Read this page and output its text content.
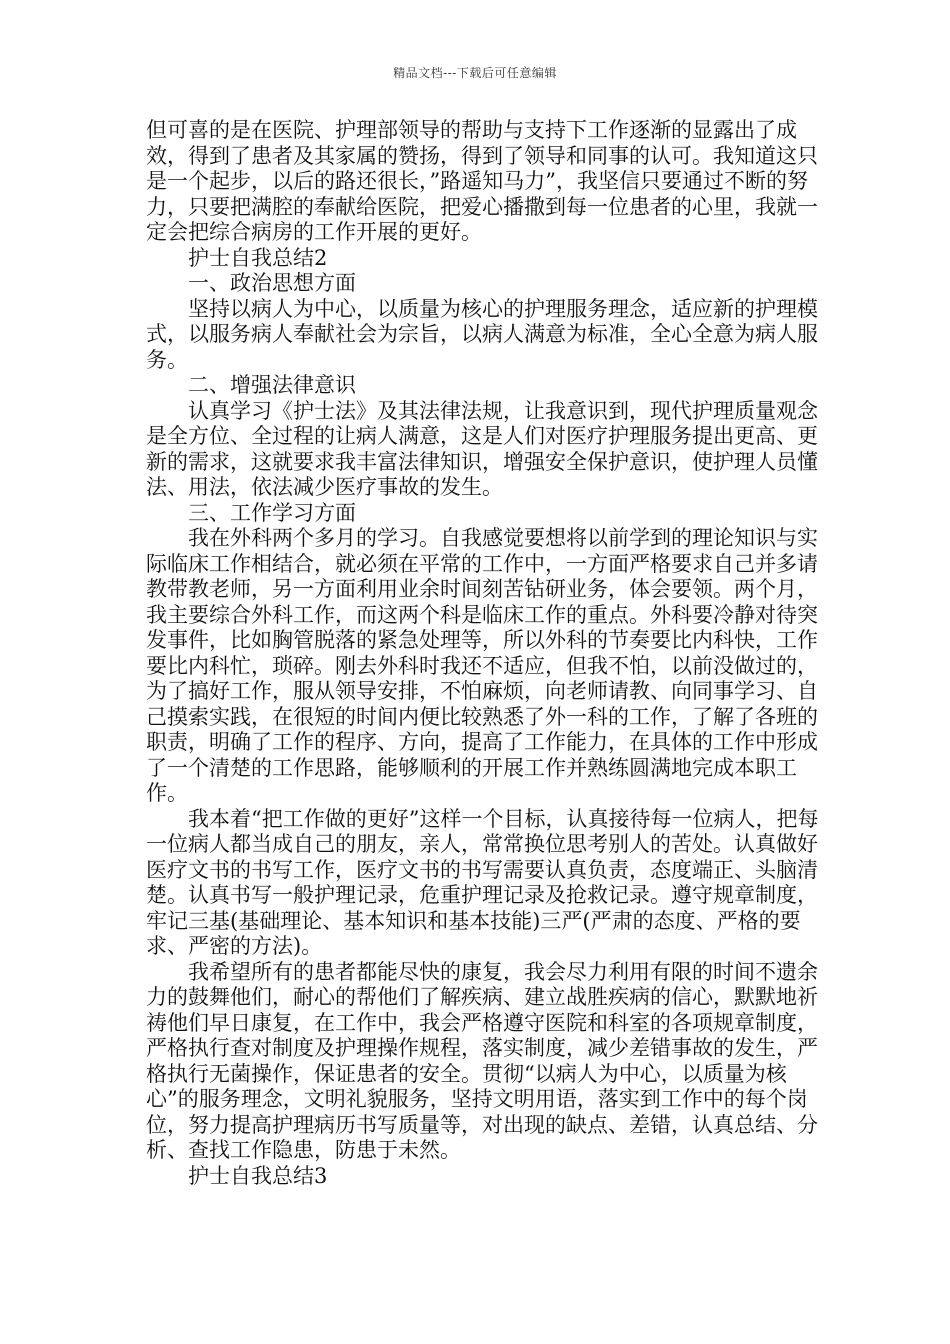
精品文档---下载后可任意编辑

但可喜的是在医院、护理部领导的帮助与支持下工作逐渐的显露出了成效，得到了患者及其家属的赞扬，得到了领导和同事的认可。我知道这只是一个起步，以后的路还很长，”路遥知马力”，我坚信只要通过不断的努力，只要把满腔的奉献给医院，把爱心播撒到每一位患者的心里，我就一定会把综合病房的工作开展的更好。

护士自我总结2

一、政治思想方面

坚持以病人为中心，以质量为核心的护理服务理念，适应新的护理模式，以服务病人奉献社会为宗旨，以病人满意为标准，全心全意为病人服务。

二、增强法律意识

认真学习《护士法》及其法律法规，让我意识到，现代护理质量观念是全方位、全过程的让病人满意，这是人们对医疗护理服务提出更高、更新的需求，这就要求我丰富法律知识，增强安全保护意识，使护理人员懂法、用法，依法减少医疗事故的发生。

三、工作学习方面

我在外科两个多月的学习。自我感觉要想将以前学到的理论知识与实际临床工作相结合，就必须在平常的工作中，一方面严格要求自己并多请教带教老师，另一方面利用业余时间刻苦钻研业务，体会要领。两个月，我主要综合外科工作，而这两个科是临床工作的重点。外科要冷静对待突发事件，比如胸管脱落的紧急处理等，所以外科的节奏要比内科快，工作要比内科忙，琐碎。刚去外科时我还不适应，但我不怕，以前没做过的，为了搞好工作，服从领导安排，不怕麻烦，向老师请教、向同事学习、自己摸索实践，在很短的时间内便比较熟悉了外一科的工作，了解了各班的职责，明确了工作的程序、方向，提高了工作能力，在具体的工作中形成了一个清楚的工作思路，能够顺利的开展工作并熟练圆满地完成本职工作。

我本着“把工作做的更好”这样一个目标，认真接待每一位病人，把每一位病人都当成自己的朋友，亲人，常常换位思考别人的苦处。认真做好医疗文书的书写工作，医疗文书的书写需要认真负责，态度端正、头脑清楚。认真书写一般护理记录，危重护理记录及抢救记录。遵守规章制度，牢记三基(基础理论、基本知识和基本技能)三严(严肃的态度、严格的要求、严密的方法)。

我希望所有的患者都能尽快的康复，我会尽力利用有限的时间不遗余力的鼓舞他们，耐心的帮他们了解疾病、建立战胜疾病的信心，默默地祈祷他们早日康复，在工作中，我会严格遵守医院和科室的各项规章制度，严格执行查对制度及护理操作规程，落实制度，减少差错事故的发生，严格执行无菌操作，保证患者的安全。贯彻“以病人为中心，以质量为核心”的服务理念，文明礼貌服务，坚持文明用语，落实到工作中的每个岗位，努力提高护理病历书写质量等，对出现的缺点、差错，认真总结、分析、查找工作隐患，防患于未然。

护士自我总结3
